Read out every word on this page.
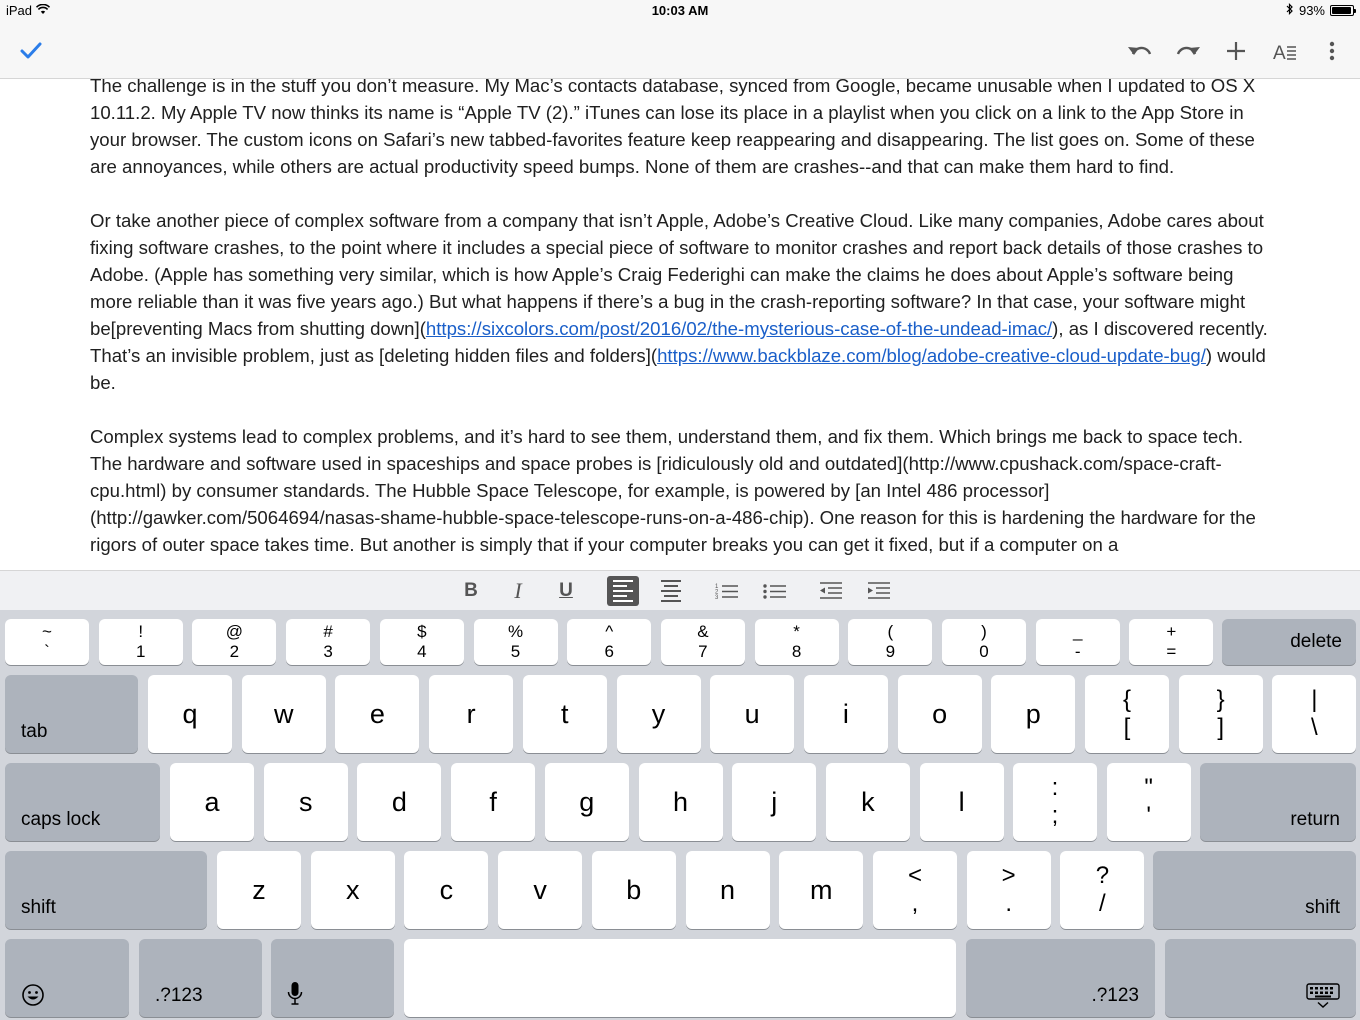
iPad	10:03 AM	93%
A

The challenge is in the stuff you don’t measure. My Mac’s contacts database, synced from Google, became unusable when I updated to OS X 10.11.2. My Apple TV now thinks its name is “Apple TV (2).” iTunes can lose its place in a playlist when you click on a link to the App Store in your browser. The custom icons on Safari’s new tabbed-favorites feature keep reappearing and disappearing. The list goes on. Some of these are annoyances, while others are actual productivity speed bumps. None of them are crashes--and that can make them hard to find.

Or take another piece of complex software from a company that isn’t Apple, Adobe’s Creative Cloud. Like many companies, Adobe cares about fixing software crashes, to the point where it includes a special piece of software to monitor crashes and report back details of those crashes to Adobe. (Apple has something very similar, which is how Apple’s Craig Federighi can make the claims he does about Apple’s software being more reliable than it was five years ago.) But what happens if there’s a bug in the crash-reporting software? In that case, your software might be[preventing Macs from shutting down](https://sixcolors.com/post/2016/02/the-mysterious-case-of-the-undead-imac/), as I discovered recently. That’s an invisible problem, just as [deleting hidden files and folders](https://www.backblaze.com/blog/adobe-creative-cloud-update-bug/) would be.

Complex systems lead to complex problems, and it’s hard to see them, understand them, and fix them. Which brings me back to space tech. The hardware and software used in spaceships and space probes is [ridiculously old and outdated](http://www.cpushack.com/space-craft-cpu.html) by consumer standards. The Hubble Space Telescope, for example, is powered by [an Intel 486 processor](http://gawker.com/5064694/nasas-shame-hubble-space-telescope-runs-on-a-486-chip). One reason for this is hardening the hardware for the rigors of outer space takes time. But another is simply that if your computer breaks you can get it fixed, but if a computer on a

B	I	U	1
2
3
~
`
!
1
@
2
#
3
$
4
%
5
^
6
&
7
*
8
(
9
)
0
_
-
+
=	delete
tab
q	w	e	r	t	y	u	i	o	p	{
[
}
]
|
\
caps lock
a	s	d	f	g	h	j	k	l	:
;
"
'	return
shift
z	x	c	v	b	n	m	<
,
>
.
?
/	shift
.?123	.?123
